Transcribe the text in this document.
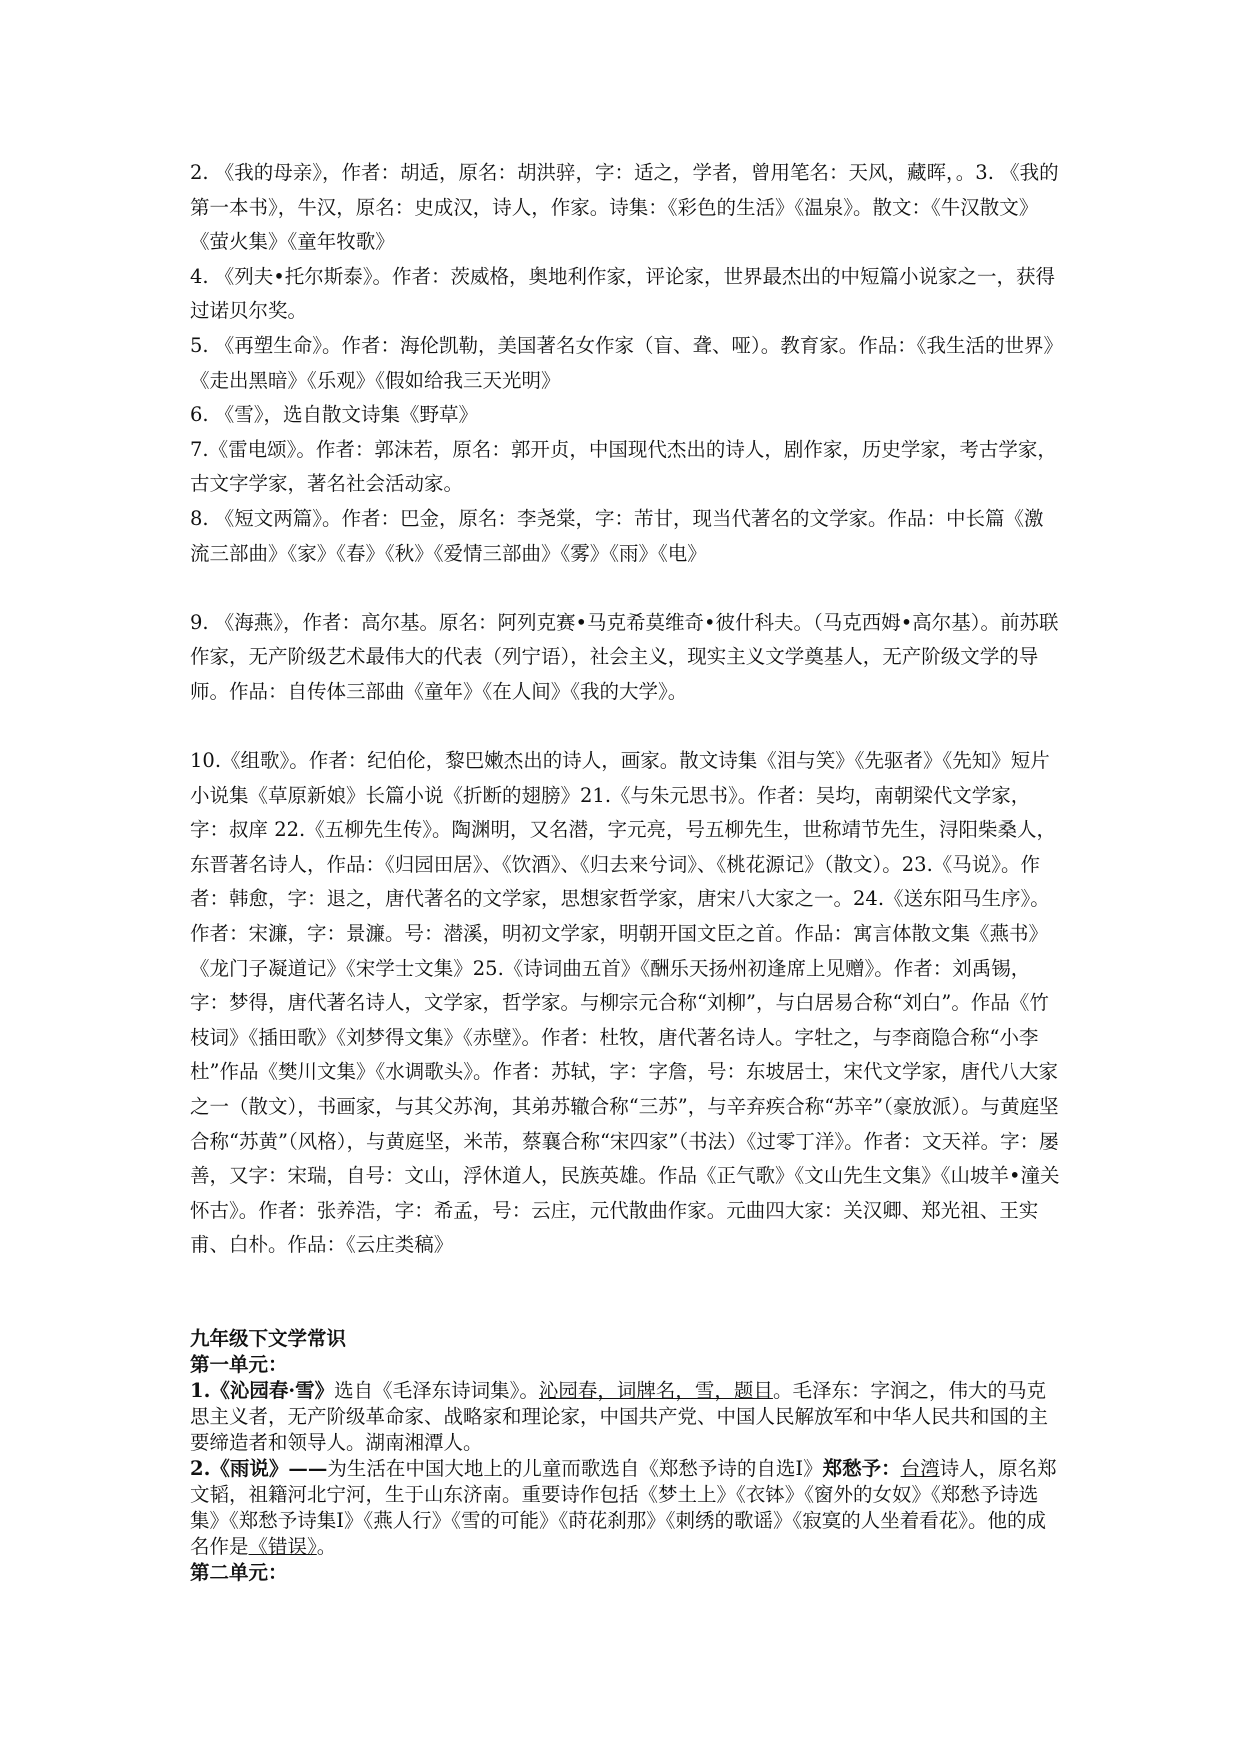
2. 《我的母亲》，作者：胡适，原名：胡洪骍，字：适之，学者，曾用笔名：天风，藏晖，。3. 《我的第一本书》，牛汉，原名：史成汉，诗人，作家。诗集：《彩色的生活》《温泉》。散文：《牛汉散文》《萤火集》《童年牧歌》

4. 《列夫•托尔斯泰》。作者：茨威格，奥地利作家，评论家，世界最杰出的中短篇小说家之一，获得过诺贝尔奖。

5. 《再塑生命》。作者：海伦凯勒，美国著名女作家（盲、聋、哑）。教育家。作品：《我生活的世界》《走出黑暗》《乐观》《假如给我三天光明》

6. 《雪》，选自散文诗集《野草》

7.《雷电颂》。作者：郭沫若，原名：郭开贞，中国现代杰出的诗人，剧作家，历史学家，考古学家，古文字学家，著名社会活动家。

8. 《短文两篇》。作者：巴金，原名：李尧棠，字：芾甘，现当代著名的文学家。作品：中长篇《激流三部曲》《家》《春》《秋》《爱情三部曲》《雾》《雨》《电》

9. 《海燕》，作者：高尔基。原名：阿列克赛•马克希莫维奇•彼什科夫。（马克西姆•高尔基）。前苏联作家，无产阶级艺术最伟大的代表（列宁语），社会主义，现实主义文学奠基人，无产阶级文学的导师。作品：自传体三部曲《童年》《在人间》《我的大学》。

10.《组歌》。作者：纪伯伦，黎巴嫩杰出的诗人，画家。散文诗集《泪与笑》《先驱者》《先知》短片小说集《草原新娘》长篇小说《折断的翅膀》21.《与朱元思书》。作者：吴均，南朝梁代文学家，字：叔庠 22.《五柳先生传》。陶渊明，又名潜，字元亮，号五柳先生，世称靖节先生，浔阳柴桑人，东晋著名诗人，作品：《归园田居》、《饮酒》、《归去来兮词》、《桃花源记》（散文）。23.《马说》。作者：韩愈，字：退之，唐代著名的文学家，思想家哲学家，唐宋八大家之一。24.《送东阳马生序》。作者：宋濂，字：景濂。号：潜溪，明初文学家，明朝开国文臣之首。作品：寓言体散文集《燕书》《龙门子凝道记》《宋学士文集》25.《诗词曲五首》《酬乐天扬州初逢席上见赠》。作者：刘禹锡，字：梦得，唐代著名诗人，文学家，哲学家。与柳宗元合称“刘柳”，与白居易合称“刘白”。作品《竹枝词》《插田歌》《刘梦得文集》《赤壁》。作者：杜牧，唐代著名诗人。字牡之，与李商隐合称“小李杜”作品《樊川文集》《水调歌头》。作者：苏轼，字：字詹，号：东坡居士，宋代文学家，唐代八大家之一（散文），书画家，与其父苏洵，其弟苏辙合称“三苏”，与辛弃疾合称“苏辛”（豪放派）。与黄庭坚合称“苏黄”（风格），与黄庭坚，米芾，蔡襄合称“宋四家”（书法）《过零丁洋》。作者：文天祥。字：屡善，又字：宋瑞，自号：文山，浮休道人，民族英雄。作品《正气歌》《文山先生文集》《山坡羊•潼关怀古》。作者：张养浩，字：希孟，号：云庄，元代散曲作家。元曲四大家：关汉卿、郑光祖、王实甫、白朴。作品：《云庄类稿》

九年级下文学常识

第一单元：

1.《沁园春·雪》选自《毛泽东诗词集》。沁园春，词牌名，雪，题目。毛泽东：字润之，伟大的马克思主义者，无产阶级革命家、战略家和理论家，中国共产党、中国人民解放军和中华人民共和国的主要缔造者和领导人。湖南湘潭人。

2.《雨说》——为生活在中国大地上的儿童而歌选自《郑愁予诗的自选Ⅰ》郑愁予：台湾诗人，原名郑文韬，祖籍河北宁河，生于山东济南。重要诗作包括《梦土上》《衣钵》《窗外的女奴》《郑愁予诗选集》《郑愁予诗集Ⅰ》《燕人行》《雪的可能》《莳花刹那》《刺绣的歌谣》《寂寞的人坐着看花》。他的成名作是《错误》。

第二单元：
